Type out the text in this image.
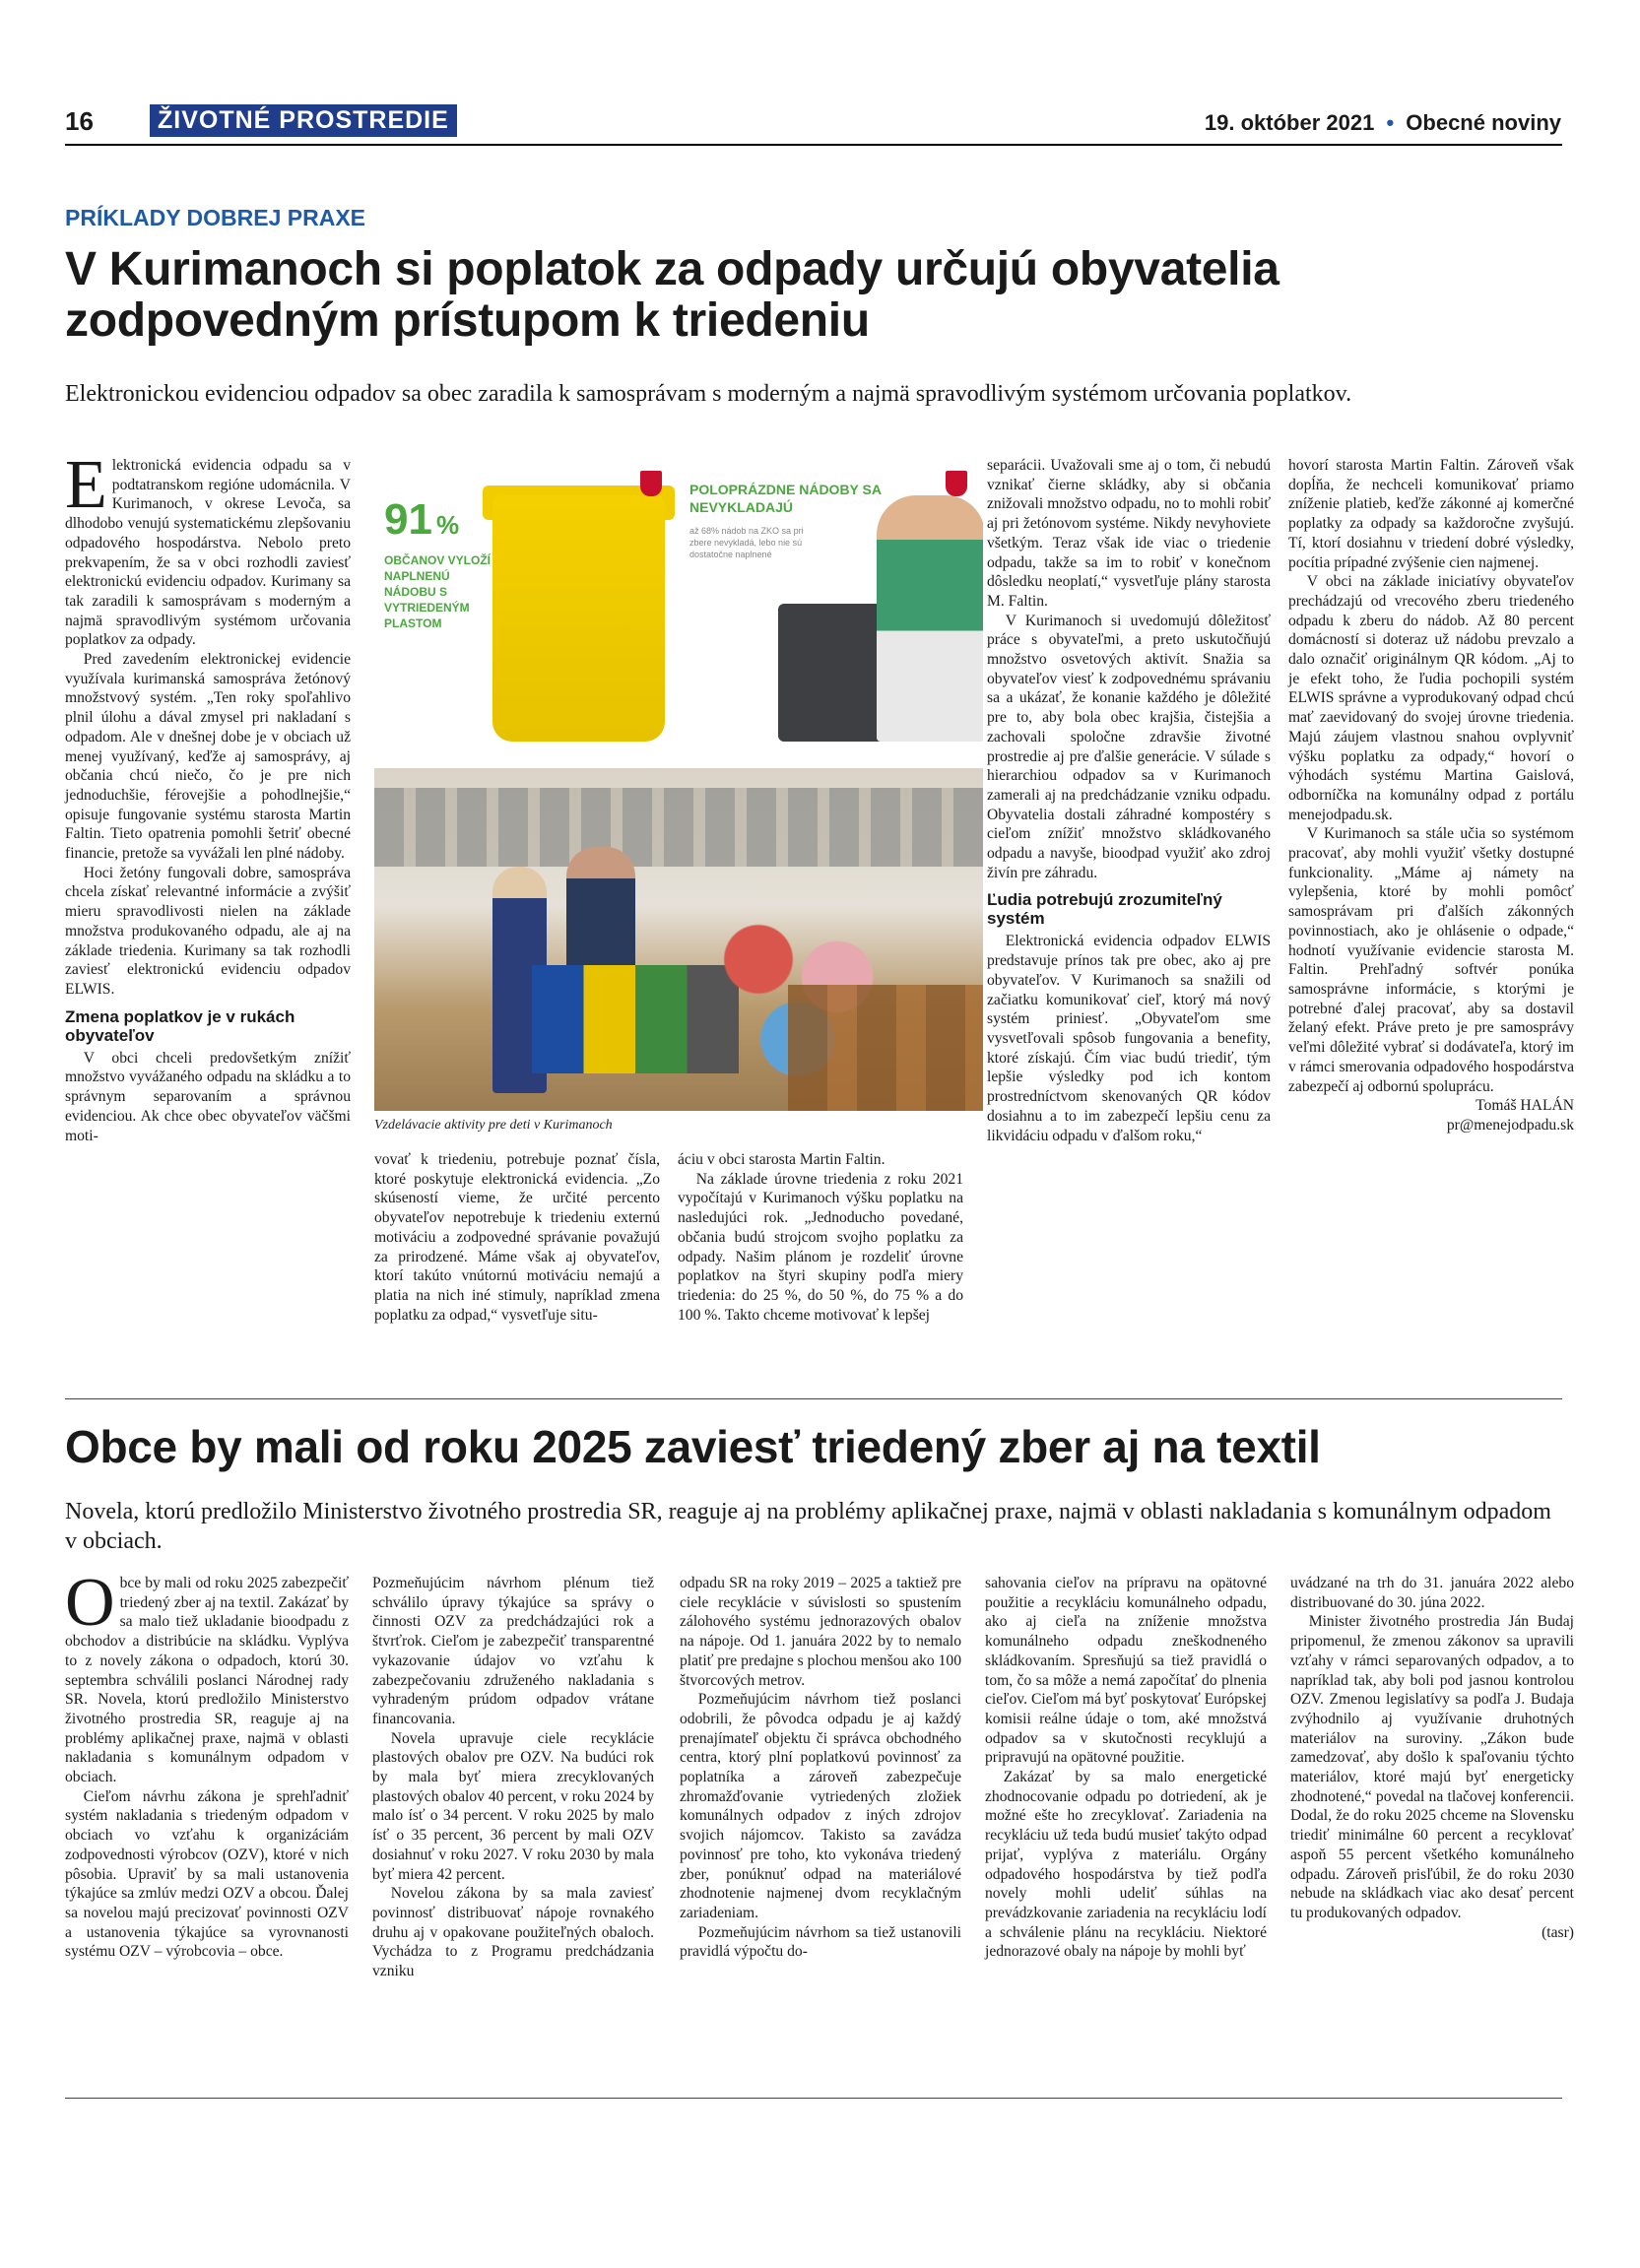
16	ŽIVOTNÉ PROSTREDIE	19. október 2021 • Obecné noviny
PRÍKLADY DOBREJ PRAXE
V Kurimanoch si poplatok za odpady určujú obyvatelia zodpovedným prístupom k triedeniu
Elektronickou evidenciou odpadov sa obec zaradila k samosprávam s moderným a najmä spravodlivým systémom určovania poplatkov.

Elektronická evidencia odpadu sa v podtatranskom regióne udomácnila. V Kurimanoch, v okrese Levoča, sa dlhodobo venujú systematickému zlepšovaniu odpadového hospodárstva. Nebolo preto prekvapením, že sa v obci rozhodli zaviesť elektronickú evidenciu odpadov. Kurimany sa tak zaradili k samosprávam s moderným a najmä spravodlivým systémom určovania poplatkov za odpady.

Pred zavedením elektronickej evidencie využívala kurimanská samospráva žetónový množstvový systém. „Ten roky spoľahlivo plnil úlohu a dával zmysel pri nakladaní s odpadom. Ale v dnešnej dobe je v obciach už menej využívaný, keďže aj samosprávy, aj občania chcú niečo, čo je pre nich jednoduchšie, férovejšie a pohodlnejšie,“ opisuje fungovanie systému starosta Martin Faltin. Tieto opatrenia pomohli šetriť obecné financie, pretože sa vyvážali len plné nádoby.

Hoci žetóny fungovali dobre, samospráva chcela získať relevantné informácie a zvýšiť mieru spravodlivosti nielen na základe množstva produkovaného odpadu, ale aj na základe triedenia. Kurimany sa tak rozhodli zaviesť elektronickú evidenciu odpadov ELWIS.

Zmena poplatkov je v rukách obyvateľov

V obci chceli predovšetkým znížiť množstvo vyvážaného odpadu na skládku a to správnym separovaním a správnou evidenciou. Ak chce obec obyvateľov väčšmi moti-

91 %
OBČANOV VYLOŽÍ NAPLNENÚ NÁDOBU S VYTRIEDENÝM PLASTOM
POLOPRÁZDNE NÁDOBY SA NEVYKLADAJÚ
až 68% nádob na ZKO sa pri zbere nevykladá, lebo nie sú dostatočne naplnené
Vzdelávacie aktivity pre deti v Kurimanoch

vovať k triedeniu, potrebuje poznať čísla, ktoré poskytuje elektronická evidencia. „Zo skúseností vieme, že určité percento obyvateľov nepotrebuje k triedeniu externú motiváciu a zodpovedné správanie považujú za prirodzené. Máme však aj obyvateľov, ktorí takúto vnútornú motiváciu nemajú a platia na nich iné stimuly, napríklad zmena poplatku za odpad,“ vysvetľuje situ-

áciu v obci starosta Martin Faltin.

Na základe úrovne triedenia z roku 2021 vypočítajú v Kurimanoch výšku poplatku na nasledujúci rok. „Jednoducho povedané, občania budú strojcom svojho poplatku za odpady. Našim plánom je rozdeliť úrovne poplatkov na štyri skupiny podľa miery triedenia: do 25 %, do 50 %, do 75 % a do 100 %. Takto chceme motivovať k lepšej

separácii. Uvažovali sme aj o tom, či nebudú vznikať čierne skládky, aby si občania znižovali množstvo odpadu, no to mohli robiť aj pri žetónovom systéme. Nikdy nevyhoviete všetkým. Teraz však ide viac o triedenie odpadu, takže sa im to robiť v konečnom dôsledku neoplatí,“ vysvetľuje plány starosta M. Faltin.

V Kurimanoch si uvedomujú dôležitosť práce s obyvateľmi, a preto uskutočňujú množstvo osvetových aktivít. Snažia sa obyvateľov viesť k zodpovednému správaniu sa a ukázať, že konanie každého je dôležité pre to, aby bola obec krajšia, čistejšia a zachovali spoločne zdravšie životné prostredie aj pre ďalšie generácie. V súlade s hierarchiou odpadov sa v Kurimanoch zamerali aj na predchádzanie vzniku odpadu. Obyvatelia dostali záhradné kompostéry s cieľom znížiť množstvo skládkovaného odpadu a navyše, bioodpad využiť ako zdroj živín pre záhradu.

Ľudia potrebujú zrozumiteľný systém

Elektronická evidencia odpadov ELWIS predstavuje prínos tak pre obec, ako aj pre obyvateľov. V Kurimanoch sa snažili od začiatku komunikovať cieľ, ktorý má nový systém priniesť. „Obyvateľom sme vysvetľovali spôsob fungovania a benefity, ktoré získajú. Čím viac budú triediť, tým lepšie výsledky pod ich kontom prostredníctvom skenovaných QR kódov dosiahnu a to im zabezpečí lepšiu cenu za likvidáciu odpadu v ďalšom roku,“

hovorí starosta Martin Faltin. Zároveň však dopĺňa, že nechceli komunikovať priamo zníženie platieb, keďže zákonné aj komerčné poplatky za odpady sa každoročne zvyšujú. Tí, ktorí dosiahnu v triedení dobré výsledky, pocítia prípadné zvýšenie cien najmenej.

V obci na základe iniciatívy obyvateľov prechádzajú od vrecového zberu triedeného odpadu k zberu do nádob. Až 80 percent domácností si doteraz už nádobu prevzalo a dalo označiť originálnym QR kódom. „Aj to je efekt toho, že ľudia pochopili systém ELWIS správne a vyprodukovaný odpad chcú mať zaevidovaný do svojej úrovne triedenia. Majú záujem vlastnou snahou ovplyvniť výšku poplatku za odpady,“ hovorí o výhodách systému Martina Gaislová, odborníčka na komunálny odpad z portálu menejodpadu.sk.

V Kurimanoch sa stále učia so systémom pracovať, aby mohli využiť všetky dostupné funkcionality. „Máme aj námety na vylepšenia, ktoré by mohli pomôcť samosprávam pri ďalších zákonných povinnostiach, ako je ohlásenie o odpade,“ hodnotí využívanie evidencie starosta M. Faltin. Prehľadný softvér ponúka samosprávne informácie, s ktorými je potrebné ďalej pracovať, aby sa dostavil želaný efekt. Práve preto je pre samosprávy veľmi dôležité vybrať si dodávateľa, ktorý im v rámci smerovania odpadového hospodárstva zabezpečí aj odbornú spoluprácu.

Tomáš HALÁN
pr@menejodpadu.sk
Obce by mali od roku 2025 zaviesť triedený zber aj na textil
Novela, ktorú predložilo Ministerstvo životného prostredia SR, reaguje aj na problémy aplikačnej praxe, najmä v oblasti nakladania s komunálnym odpadom v obciach.

Obce by mali od roku 2025 zabezpečiť triedený zber aj na textil. Zakázať by sa malo tiež ukladanie bioodpadu z obchodov a distribúcie na skládku. Vyplýva to z novely zákona o odpadoch, ktorú 30. septembra schválili poslanci Národnej rady SR. Novela, ktorú predložilo Ministerstvo životného prostredia SR, reaguje aj na problémy aplikačnej praxe, najmä v oblasti nakladania s komunálnym odpadom v obciach.

Cieľom návrhu zákona je sprehľadniť systém nakladania s triedeným odpadom v obciach vo vzťahu k organizáciám zodpovednosti výrobcov (OZV), ktoré v nich pôsobia. Upraviť by sa mali ustanovenia týkajúce sa zmlúv medzi OZV a obcou. Ďalej sa novelou majú precizovať povinnosti OZV a ustanovenia týkajúce sa vyrovnanosti systému OZV – výrobcovia – obce.

Pozmeňujúcim návrhom plénum tiež schválilo úpravy týkajúce sa správy o činnosti OZV za predchádzajúci rok a štvrťrok. Cieľom je zabezpečiť transparentné vykazovanie údajov vo vzťahu k zabezpečovaniu združeného nakladania s vyhradeným prúdom odpadov vrátane financovania.

Novela upravuje ciele recyklácie plastových obalov pre OZV. Na budúci rok by mala byť miera zrecyklovaných plastových obalov 40 percent, v roku 2024 by malo ísť o 34 percent. V roku 2025 by malo ísť o 35 percent, 36 percent by mali OZV dosiahnuť v roku 2027. V roku 2030 by mala byť miera 42 percent.

Novelou zákona by sa mala zaviesť povinnosť distribuovať nápoje rovnakého druhu aj v opakovane použiteľných obaloch. Vychádza to z Programu predchádzania vzniku

odpadu SR na roky 2019 – 2025 a taktiež pre ciele recyklácie v súvislosti so spustením zálohového systému jednorazových obalov na nápoje. Od 1. januára 2022 by to nemalo platiť pre predajne s plochou menšou ako 100 štvorcových metrov.

Pozmeňujúcim návrhom tiež poslanci odobrili, že pôvodca odpadu je aj každý prenajímateľ objektu či správca obchodného centra, ktorý plní poplatkovú povinnosť za poplatníka a zároveň zabezpečuje zhromažďovanie vytriedených zložiek komunálnych odpadov z iných zdrojov svojich nájomcov. Takisto sa zavádza povinnosť pre toho, kto vykonáva triedený zber, ponúknuť odpad na materiálové zhodnotenie najmenej dvom recyklačným zariadeniam.

Pozmeňujúcim návrhom sa tiež ustanovili pravidlá výpočtu do-

sahovania cieľov na prípravu na opätovné použitie a recykláciu komunálneho odpadu, ako aj cieľa na zníženie množstva komunálneho odpadu zneškodneného skládkovaním. Spresňujú sa tiež pravidlá o tom, čo sa môže a nemá započítať do plnenia cieľov. Cieľom má byť poskytovať Európskej komisii reálne údaje o tom, aké množstvá odpadov sa v skutočnosti recyklujú a pripravujú na opätovné použitie.

Zakázať by sa malo energetické zhodnocovanie odpadu po dotriedení, ak je možné ešte ho zrecyklovať. Zariadenia na recykláciu už teda budú musieť takýto odpad prijať, vyplýva z materiálu. Orgány odpadového hospodárstva by tiež podľa novely mohli udeliť súhlas na prevádzkovanie zariadenia na recykláciu lodí a schválenie plánu na recykláciu. Niektoré jednorazové obaly na nápoje by mohli byť

uvádzané na trh do 31. januára 2022 alebo distribuované do 30. júna 2022.

Minister životného prostredia Ján Budaj pripomenul, že zmenou zákonov sa upravili vzťahy v rámci separovaných odpadov, a to napríklad tak, aby boli pod jasnou kontrolou OZV. Zmenou legislatívy sa podľa J. Budaja zvýhodnilo aj využívanie druhotných materiálov na suroviny. „Zákon bude zamedzovať, aby došlo k spaľovaniu týchto materiálov, ktoré majú byť energeticky zhodnotené,“ povedal na tlačovej konferencii. Dodal, že do roku 2025 chceme na Slovensku triediť minimálne 60 percent a recyklovať aspoň 55 percent všetkého komunálneho odpadu. Zároveň prisľúbil, že do roku 2030 nebude na skládkach viac ako desať percent tu produkovaných odpadov.

(tasr)
